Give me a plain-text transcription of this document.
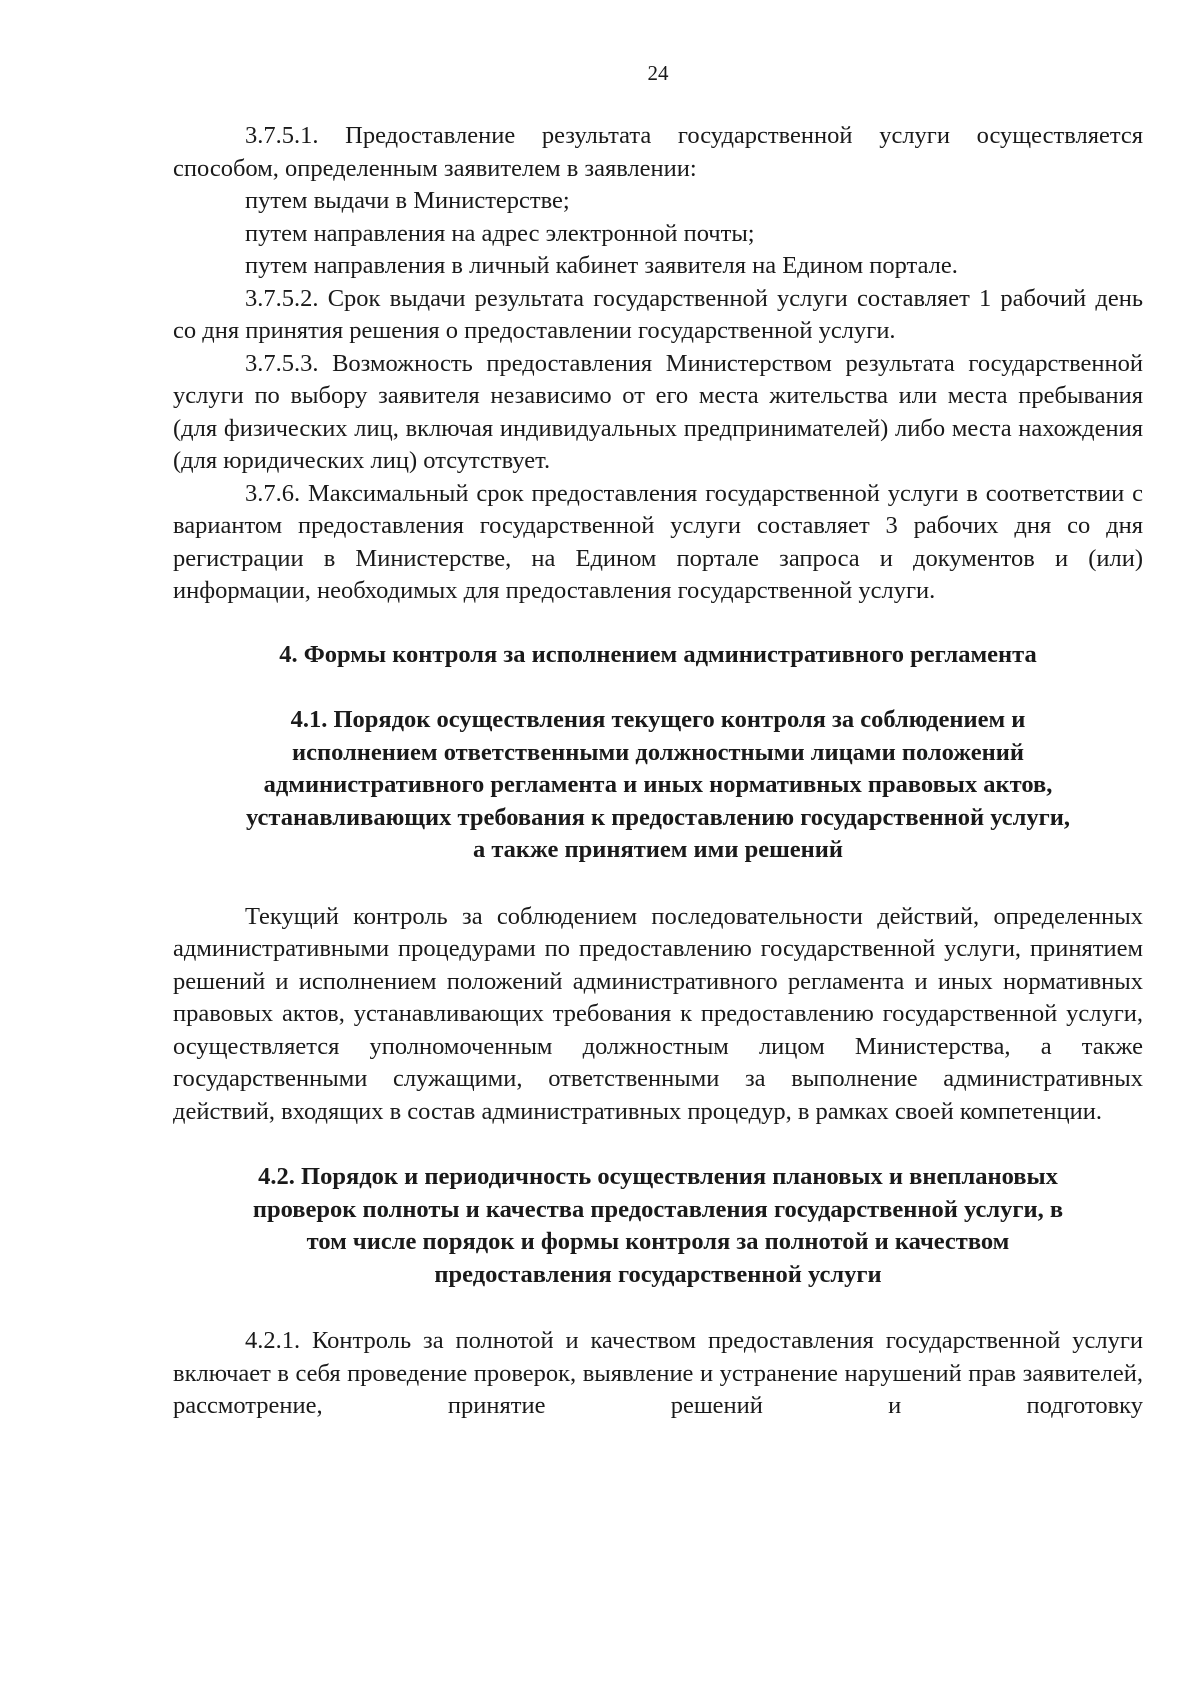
24

3.7.5.1. Предоставление результата государственной услуги осуществляется способом, определенным заявителем в заявлении:

путем выдачи в Министерстве;

путем направления на адрес электронной почты;

путем направления в личный кабинет заявителя на Едином портале.

3.7.5.2. Срок выдачи результата государственной услуги составляет 1 рабочий день со дня принятия решения о предоставлении государственной услуги.

3.7.5.3. Возможность предоставления Министерством результата государственной услуги по выбору заявителя независимо от его места жительства или места пребывания (для физических лиц, включая индивидуальных предпринимателей) либо места нахождения (для юридических лиц) отсутствует.

3.7.6. Максимальный срок предоставления государственной услуги в соответствии с вариантом предоставления государственной услуги составляет 3 рабочих дня со дня регистрации в Министерстве, на Едином портале запроса и документов и (или) информации, необходимых для предоставления государственной услуги.

4. Формы контроля за исполнением административного регламента

4.1. Порядок осуществления текущего контроля за соблюдением и

исполнением ответственными должностными лицами положений

административного регламента и иных нормативных правовых актов,

устанавливающих требования к предоставлению государственной услуги,

а также принятием ими решений

Текущий контроль за соблюдением последовательности действий, определенных административными процедурами по предоставлению государственной услуги, принятием решений и исполнением положений административного регламента и иных нормативных правовых актов, устанавливающих требования к предоставлению государственной услуги, осуществляется уполномоченным должностным лицом Министерства, а также государственными служащими, ответственными за выполнение административных действий, входящих в состав административных процедур, в рамках своей компетенции.

4.2. Порядок и периодичность осуществления плановых и внеплановых

проверок полноты и качества предоставления государственной услуги, в

том числе порядок и формы контроля за полнотой и качеством

предоставления государственной услуги

4.2.1. Контроль за полнотой и качеством предоставления государственной услуги включает в себя проведение проверок, выявление и устранение нарушений прав заявителей, рассмотрение, принятие решений и подготовку
